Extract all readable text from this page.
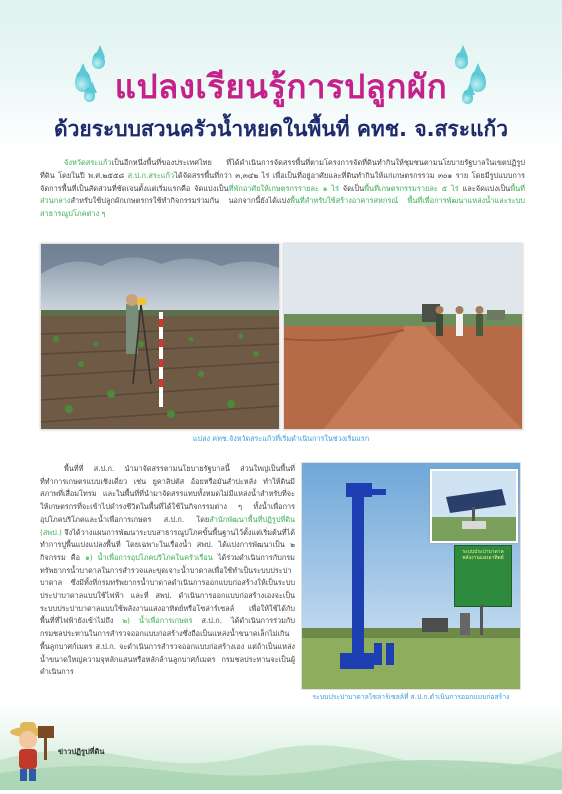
แปลงเรียนรู้การปลูกผัก
ด้วยระบบสวนครัวน้ำหยดในพื้นที่ คทช. จ.สระแก้ว
จังหวัดสระแก้วเป็นอีกหนึ่งพื้นที่ของประเทศไทย ที่ได้ดำเนินการจัดสรรพื้นที่ตามโครงการจัดที่ดินทำกินให้ชุมชนตามนโยบายรัฐบาลในเขตปฏิรูปที่ดิน โดยในปี พ.ศ.๒๕๕๘ ส.ป.ก.สระแก้วได้จัดสรรพื้นที่กว่า ๓,๓๔๒ ไร่ เพื่อเป็นที่อยู่อาศัยและที่ดินทำกินให้แก่เกษตรกรรวม ๓๐๑ ราย โดยมีรูปแบบการจัดการพื้นที่เป็นสัดส่วนที่ชัดเจนตั้งแต่เริ่มแรกคือ จัดแบ่งเป็นที่พักอาศัยให้เกษตรกรรายละ ๑ ไร่ จัดเป็นพื้นที่เกษตรกรรมรายละ ๕ ไร่ และจัดแบ่งเป็นพื้นที่ส่วนกลางสำหรับใช้ปลูกผักเกษตรกรใช้ทำกิจกรรมร่วมกัน นอกจากนี้ยังได้แบ่งพื้นที่สำหรับใช้สร้างอาคารสหกรณ์ พื้นที่เพื่อการพัฒนาแหล่งน้ำและระบบสาธารณูปโภคต่าง ๆ
แปลง คทช.จังหวัดสระแก้วที่เริ่มดำเนินการในช่วงเริ่มแรก
พื้นที่ที่ ส.ป.ก. นำมาจัดสรรตามนโยบายรัฐบาลนี้ ส่วนใหญ่เป็นพื้นที่ที่ทำการเกษตรแบบเชิงเดี่ยว เช่น ยูคาลิปตัส อ้อยหรือมันสำปะหลัง ทำให้ดินมีสภาพที่เสื่อมโทรม และในพื้นที่ที่นำมาจัดสรรแทบทั้งหมดไม่มีแหล่งน้ำสำหรับที่จะให้เกษตรกรที่จะเข้าไปดำรงชีวิตในพื้นที่ได้ใช้ในกิจกรรมต่าง ๆ ทั้งน้ำเพื่อการอุปโภคบริโภคและน้ำเพื่อการเกษตร ส.ป.ก. โดยสำนักพัฒนาพื้นที่ปฏิรูปที่ดิน (สพป.) จึงได้วางแผนการพัฒนาระบบสาธารณูปโภคขั้นพื้นฐานไว้ตั้งแต่เริ่มต้นที่ได้ทำการปูพื้นแบ่งแปลงพื้นที่ โดยเฉพาะในเรื่องน้ำ สพป. ได้แบ่งการพัฒนาเป็น ๒ กิจกรรม คือ ๑) น้ำเพื่อการอุปโภคบริโภคในครัวเรือน ได้ร่วมดำเนินการกับกรมทรัพยากรน้ำบาดาลในการสำรวจและขุดเจาะน้ำบาดาลเพื่อใช้ทำเป็นระบบประปาบาดาล ซึ่งมีทั้งที่กรมทรัพยากรน้ำบาดาลดำเนินการออกแบบก่อสร้างให้เป็นระบบประปาบาดาลแบบใช้ไฟฟ้า และที่ สพป. ดำเนินการออกแบบก่อสร้างเองจะเป็นระบบประปาบาดาลแบบใช้พลังงานแสงอาทิตย์หรือโซล่าร์เซลล์ เพื่อให้ใช้ได้กับพื้นที่ที่ไฟฟ้ายังเข้าไม่ถึง ๒) น้ำเพื่อการเกษตร ส.ป.ก. ได้ดำเนินการร่วมกับกรมชลประทานในการสำรวจออกแบบก่อสร้างซึ่งถือเป็นแหล่งน้ำขนาดเล็กไม่เกินพื้นลูกบาศก์เมตร ส.ป.ก. จะดำเนินการสำรวจออกแบบก่อสร้างเอง แต่ถ้าเป็นแหล่งน้ำขนาดใหญ่ความจุหลักแสนหรือหลักล้านลูกบาศก์เมตร กรมชลประทานจะเป็นผู้ดำเนินการ
ระบบประปาบาดาลพลังงานแสงอาทิตย์
ระบบประปาบาดาลโซล่าร์เซลล์ที่ ส.ป.ก.ดำเนินการออกแบบก่อสร้าง
ข่าวปฏิรูปที่ดิน
